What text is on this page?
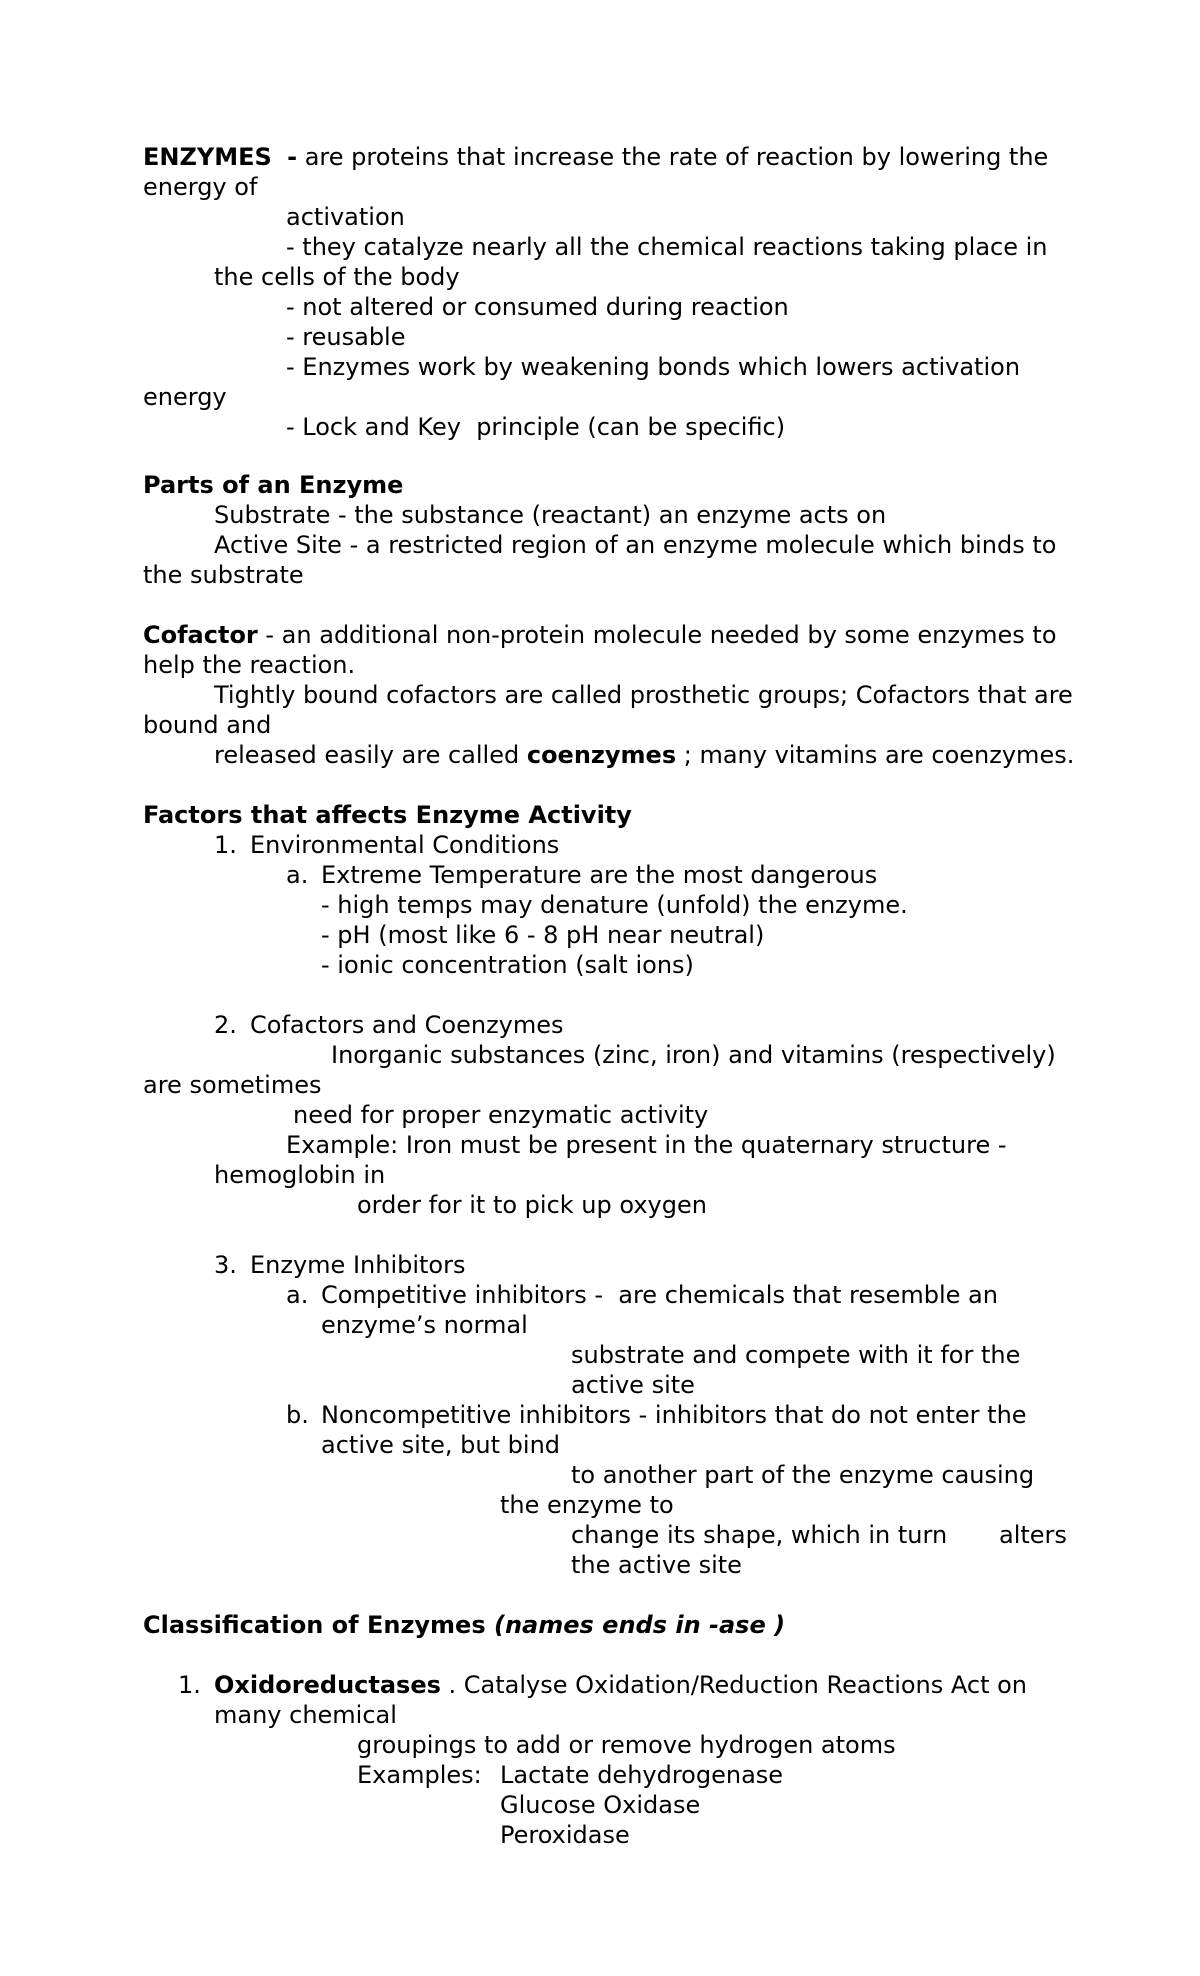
ENZYMES - are proteins that increase the rate of reaction by lowering the
energy of
activation
- they catalyze nearly all the chemical reactions taking place in
the cells of the body
- not altered or consumed during reaction
- reusable
- Enzymes work by weakening bonds which lowers activation
energy
- Lock and Key  principle (can be specific)
Parts of an Enzyme
Substrate - the substance (reactant) an enzyme acts on
Active Site - a restricted region of an enzyme molecule which binds to
the substrate
Cofactor - an additional non-protein molecule needed by some enzymes to
help the reaction.
Tightly bound cofactors are called prosthetic groups; Cofactors that are
bound and
released easily are called coenzymes ; many vitamins are coenzymes.
Factors that affects Enzyme Activity
1. Environmental Conditions
a. Extreme Temperature are the most dangerous
- high temps may denature (unfold) the enzyme.
- pH (most like 6 - 8 pH near neutral)
- ionic concentration (salt ions)
2. Cofactors and Coenzymes
Inorganic substances (zinc, iron) and vitamins (respectively)
are sometimes
need for proper enzymatic activity
Example: Iron must be present in the quaternary structure -
hemoglobin in
order for it to pick up oxygen
3. Enzyme Inhibitors
a. Competitive inhibitors -  are chemicals that resemble an
enzyme’s normal
substrate and compete with it for the
active site
b. Noncompetitive inhibitors - inhibitors that do not enter the
active site, but bind
to another part of the enzyme causing
the enzyme to
change its shape, which in turn alters
the active site
Classification of Enzymes (names ends in -ase )
1. Oxidoreductases . Catalyse Oxidation/Reduction Reactions Act on
many chemical
groupings to add or remove hydrogen atoms
Examples: Lactate dehydrogenase
Glucose Oxidase
Peroxidase
